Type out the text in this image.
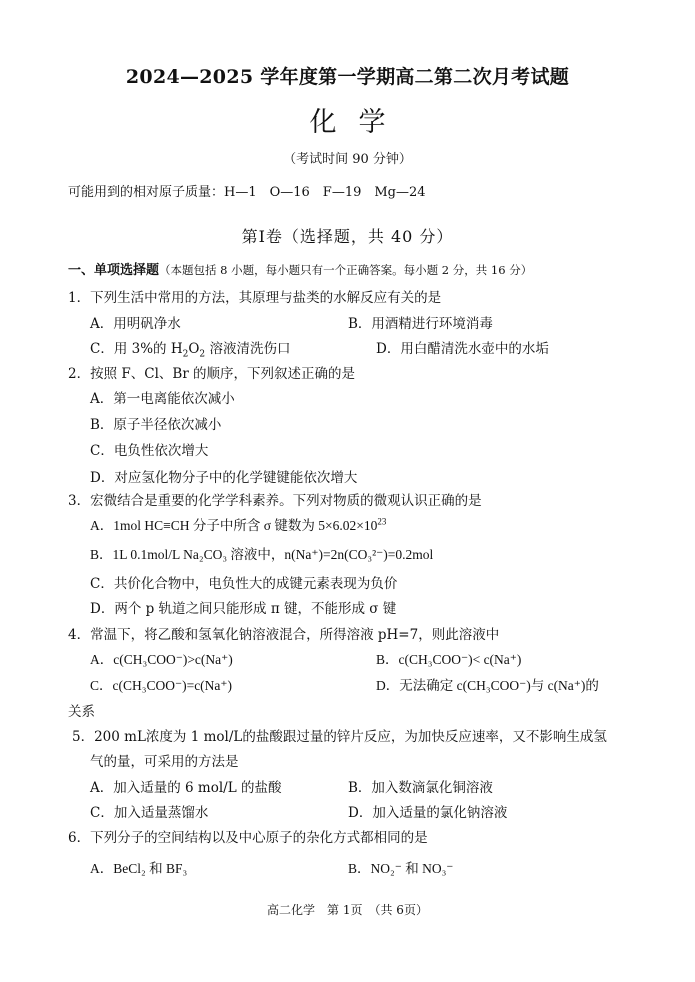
2024—2025 学年度第一学期高二第二次月考试题
化学
（考试时间 90 分钟）
可能用到的相对原子质量：H—1　O—16　F—19　Mg—24
第Ⅰ卷（选择题，共 40 分）
一、单项选择题（本题包括 8 小题，每小题只有一个正确答案。每小题 2 分，共 16 分）
1．下列生活中常用的方法，其原理与盐类的水解反应有关的是
A．用明矾净水	B．用酒精进行环境消毒
C．用 3%的 $H_2O_2$ 溶液清洗伤口	D．用白醋清洗水壶中的水垢
2．按照 F、Cl、Br 的顺序，下列叙述正确的是
A．第一电离能依次减小
B．原子半径依次减小
C．电负性依次增大
D．对应氢化物分子中的化学键键能依次增大
3．宏微结合是重要的化学学科素养。下列对物质的微观认识正确的是
A．1mol HC≡CH 分子中所含 σ 键数为 $5\times 6.02\times 10^{23}$
B．1L 0.1mol/L Na₂CO₃ 溶液中，n(Na⁺)=2n(CO₃²⁻)=0.2mol
C．共价化合物中，电负性大的成键元素表现为负价
D．两个 p 轨道之间只能形成 π 键，不能形成 σ 键
4．常温下，将乙酸和氢氧化钠溶液混合，所得溶液 pH=7，则此溶液中
A．c(CH₃COO⁻)>c(Na⁺)	B．c(CH₃COO⁻)< c(Na⁺)
C．c(CH₃COO⁻)=c(Na⁺)	D．无法确定 c(CH₃COO⁻)与 c(Na⁺)的
关系
5．200 mL浓度为 1 mol/L的盐酸跟过量的锌片反应，为加快反应速率，又不影响生成氢
气的量，可采用的方法是
A．加入适量的 6 mol/L 的盐酸	B．加入数滴氯化铜溶液
C．加入适量蒸馏水	D．加入适量的氯化钠溶液
6．下列分子的空间结构以及中心原子的杂化方式都相同的是
A．BeCl₂ 和 BF₃	B．NO₂⁻ 和 NO₃⁻
高二化学　第 1页　（共 6页）
